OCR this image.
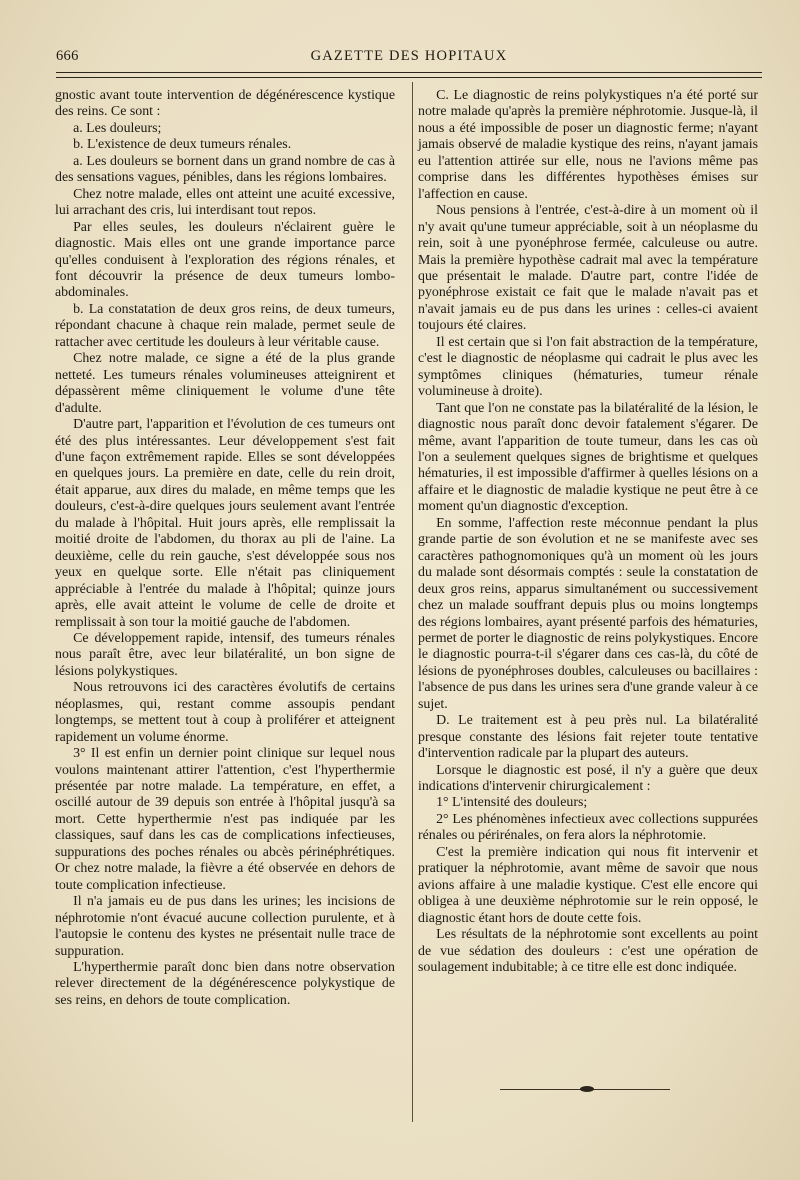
666	GAZETTE DES HOPITAUX

gnostic avant toute intervention de dégénérescence kystique des reins. Ce sont :

a. Les douleurs;

b. L'existence de deux tumeurs rénales.

a. Les douleurs se bornent dans un grand nombre de cas à des sensations vagues, pénibles, dans les régions lombaires.

Chez notre malade, elles ont atteint une acuité excessive, lui arrachant des cris, lui interdisant tout repos.

Par elles seules, les douleurs n'éclairent guère le diagnostic. Mais elles ont une grande importance parce qu'elles conduisent à l'exploration des régions rénales, et font découvrir la présence de deux tumeurs lombo-abdominales.

b. La constatation de deux gros reins, de deux tumeurs, répondant chacune à chaque rein malade, permet seule de rattacher avec certitude les douleurs à leur véritable cause.

Chez notre malade, ce signe a été de la plus grande netteté. Les tumeurs rénales volumineuses atteignirent et dépassèrent même cliniquement le volume d'une tête d'adulte.

D'autre part, l'apparition et l'évolution de ces tumeurs ont été des plus intéressantes. Leur développement s'est fait d'une façon extrêmement rapide. Elles se sont développées en quelques jours. La première en date, celle du rein droit, était apparue, aux dires du malade, en même temps que les douleurs, c'est-à-dire quelques jours seulement avant l'entrée du malade à l'hôpital. Huit jours après, elle remplissait la moitié droite de l'abdomen, du thorax au pli de l'aine. La deuxième, celle du rein gauche, s'est développée sous nos yeux en quelque sorte. Elle n'était pas cliniquement appréciable à l'entrée du malade à l'hôpital; quinze jours après, elle avait atteint le volume de celle de droite et remplissait à son tour la moitié gauche de l'abdomen.

Ce développement rapide, intensif, des tumeurs rénales nous paraît être, avec leur bilatéralité, un bon signe de lésions polykystiques.

Nous retrouvons ici des caractères évolutifs de certains néoplasmes, qui, restant comme assoupis pendant longtemps, se mettent tout à coup à proliférer et atteignent rapidement un volume énorme.

3° Il est enfin un dernier point clinique sur lequel nous voulons maintenant attirer l'attention, c'est l'hyperthermie présentée par notre malade. La température, en effet, a oscillé autour de 39 depuis son entrée à l'hôpital jusqu'à sa mort. Cette hyperthermie n'est pas indiquée par les classiques, sauf dans les cas de complications infectieuses, suppurations des poches rénales ou abcès périnéphrétiques. Or chez notre malade, la fièvre a été observée en dehors de toute complication infectieuse.

Il n'a jamais eu de pus dans les urines; les incisions de néphrotomie n'ont évacué aucune collection purulente, et à l'autopsie le contenu des kystes ne présentait nulle trace de suppuration.

L'hyperthermie paraît donc bien dans notre observation relever directement de la dégénérescence polykystique de ses reins, en dehors de toute complication.

C. Le diagnostic de reins polykystiques n'a été porté sur notre malade qu'après la première néphrotomie. Jusque-là, il nous a été impossible de poser un diagnostic ferme; n'ayant jamais observé de maladie kystique des reins, n'ayant jamais eu l'attention attirée sur elle, nous ne l'avions même pas comprise dans les différentes hypothèses émises sur l'affection en cause.

Nous pensions à l'entrée, c'est-à-dire à un moment où il n'y avait qu'une tumeur appréciable, soit à un néoplasme du rein, soit à une pyonéphrose fermée, calculeuse ou autre. Mais la première hypothèse cadrait mal avec la température que présentait le malade. D'autre part, contre l'idée de pyonéphrose existait ce fait que le malade n'avait pas et n'avait jamais eu de pus dans les urines : celles-ci avaient toujours été claires.

Il est certain que si l'on fait abstraction de la température, c'est le diagnostic de néoplasme qui cadrait le plus avec les symptômes cliniques (hématuries, tumeur rénale volumineuse à droite).

Tant que l'on ne constate pas la bilatéralité de la lésion, le diagnostic nous paraît donc devoir fatalement s'égarer. De même, avant l'apparition de toute tumeur, dans les cas où l'on a seulement quelques signes de brightisme et quelques hématuries, il est impossible d'affirmer à quelles lésions on a affaire et le diagnostic de maladie kystique ne peut être à ce moment qu'un diagnostic d'exception.

En somme, l'affection reste méconnue pendant la plus grande partie de son évolution et ne se manifeste avec ses caractères pathognomoniques qu'à un moment où les jours du malade sont désormais comptés : seule la constatation de deux gros reins, apparus simultanément ou successivement chez un malade souffrant depuis plus ou moins longtemps des régions lombaires, ayant présenté parfois des hématuries, permet de porter le diagnostic de reins polykystiques. Encore le diagnostic pourra-t-il s'égarer dans ces cas-là, du côté de lésions de pyonéphroses doubles, calculeuses ou bacillaires : l'absence de pus dans les urines sera d'une grande valeur à ce sujet.

D. Le traitement est à peu près nul. La bilatéralité presque constante des lésions fait rejeter toute tentative d'intervention radicale par la plupart des auteurs.

Lorsque le diagnostic est posé, il n'y a guère que deux indications d'intervenir chirurgicalement :

1° L'intensité des douleurs;

2° Les phénomènes infectieux avec collections suppurées rénales ou périrénales, on fera alors la néphrotomie.

C'est la première indication qui nous fit intervenir et pratiquer la néphrotomie, avant même de savoir que nous avions affaire à une maladie kystique. C'est elle encore qui obligea à une deuxième néphrotomie sur le rein opposé, le diagnostic étant hors de doute cette fois.

Les résultats de la néphrotomie sont excellents au point de vue sédation des douleurs : c'est une opération de soulagement indubitable; à ce titre elle est donc indiquée.
